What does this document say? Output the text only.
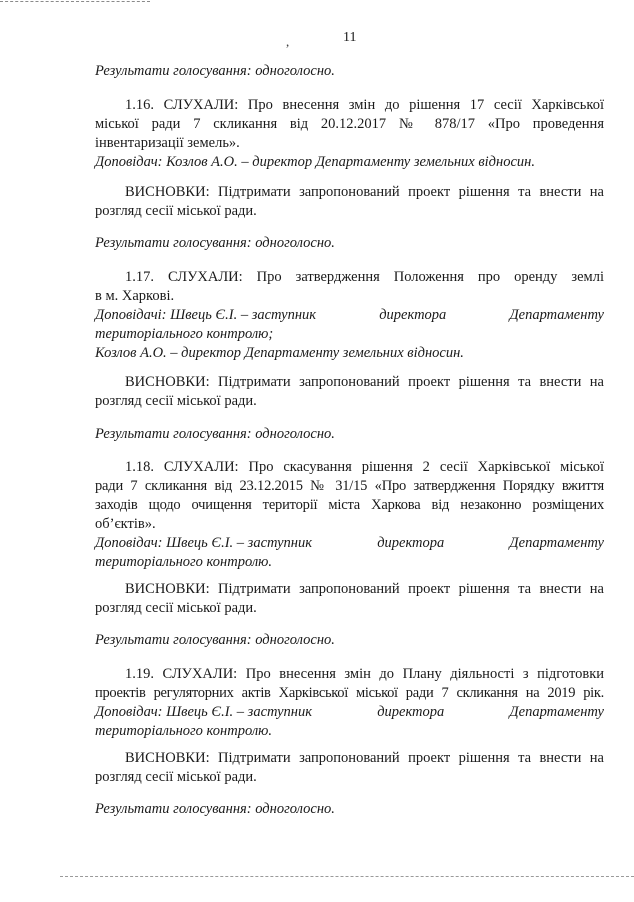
,	11
Результати голосування: одноголосно.
1.16. СЛУХАЛИ: Про внесення змін до рішення 17 сесії Харківської
міської ради 7 скликання від 20.12.2017 № 878/17 «Про проведення
інвентаризації земель».
Доповідач: Козлов А.О. – директор Департаменту земельних відносин.
ВИСНОВКИ: Підтримати запропонований проект рішення та внести на
розгляд сесії міської ради.
Результати голосування: одноголосно.
1.17. СЛУХАЛИ: Про затвердження Положення про оренду землі
в м. Харкові.
Доповідачі: Швець Є.І. – заступник	директора	Департаменту
територіального контролю;
Козлов А.О. – директор Департаменту земельних відносин.
ВИСНОВКИ: Підтримати запропонований проект рішення та внести на
розгляд сесії міської ради.
Результати голосування: одноголосно.
1.18. СЛУХАЛИ: Про скасування рішення 2 сесії Харківської міської
ради 7 скликання від 23.12.2015 № 31/15 «Про затвердження Порядку вжиття
заходів щодо очищення території міста Харкова від незаконно розміщених
об’єктів».
Доповідач: Швець Є.І. – заступник	директора	Департаменту
територіального контролю.
ВИСНОВКИ: Підтримати запропонований проект рішення та внести на
розгляд сесії міської ради.
Результати голосування: одноголосно.
1.19. СЛУХАЛИ: Про внесення змін до Плану діяльності з підготовки
проектів регуляторних актів Харківської міської ради 7 скликання на 2019 рік.
Доповідач: Швець Є.І. – заступник	директора	Департаменту
територіального контролю.
ВИСНОВКИ: Підтримати запропонований проект рішення та внести на
розгляд сесії міської ради.
Результати голосування: одноголосно.
